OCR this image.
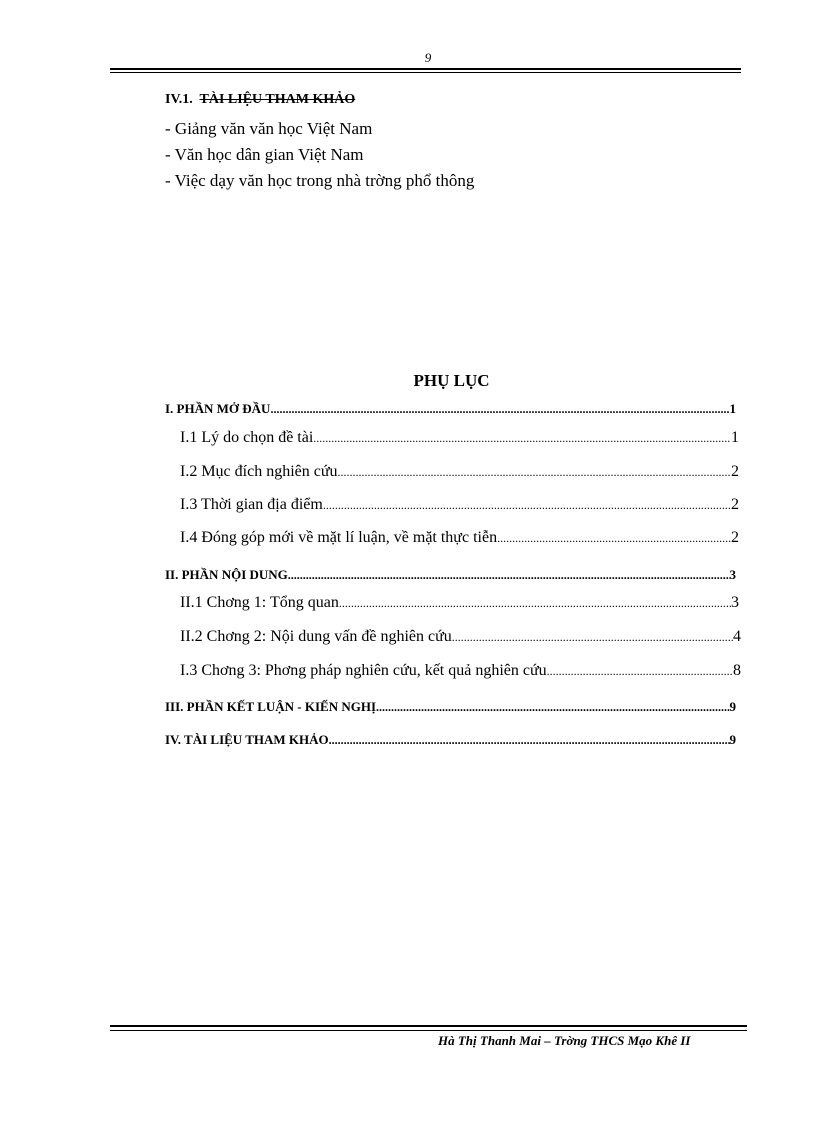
9
IV.1. TÀI LIỆU THAM KHẢO
- Giảng văn văn học Việt Nam
- Văn học dân gian Việt Nam
- Việc dạy văn học trong nhà trờng phổ thông
PHỤ LỤC
I. PHẦN MỞ ĐẦU .....	1
I.1 Lý do chọn đề tài .....	1
I.2 Mục đích nghiên cứu .....	2
I.3 Thời gian địa điểm .....	2
I.4 Đóng góp mới về mặt lí luận, về mặt thực tiễn .....	2
II. PHẦN NỘI DUNG .....	3
II.1 Chơng 1: Tổng quan .....	3
II.2 Chơng 2: Nội dung vấn đề nghiên cứu .....	4
I.3 Chơng 3: Phơng pháp nghiên cứu, kết quả nghiên cứu .....	8
III. PHẦN KẾT LUẬN - KIẾN NGHỊ .....	9
IV. TÀI LIỆU THAM KHẢO .....	9
Hà Thị Thanh Mai – Trờng THCS Mạo Khê II
